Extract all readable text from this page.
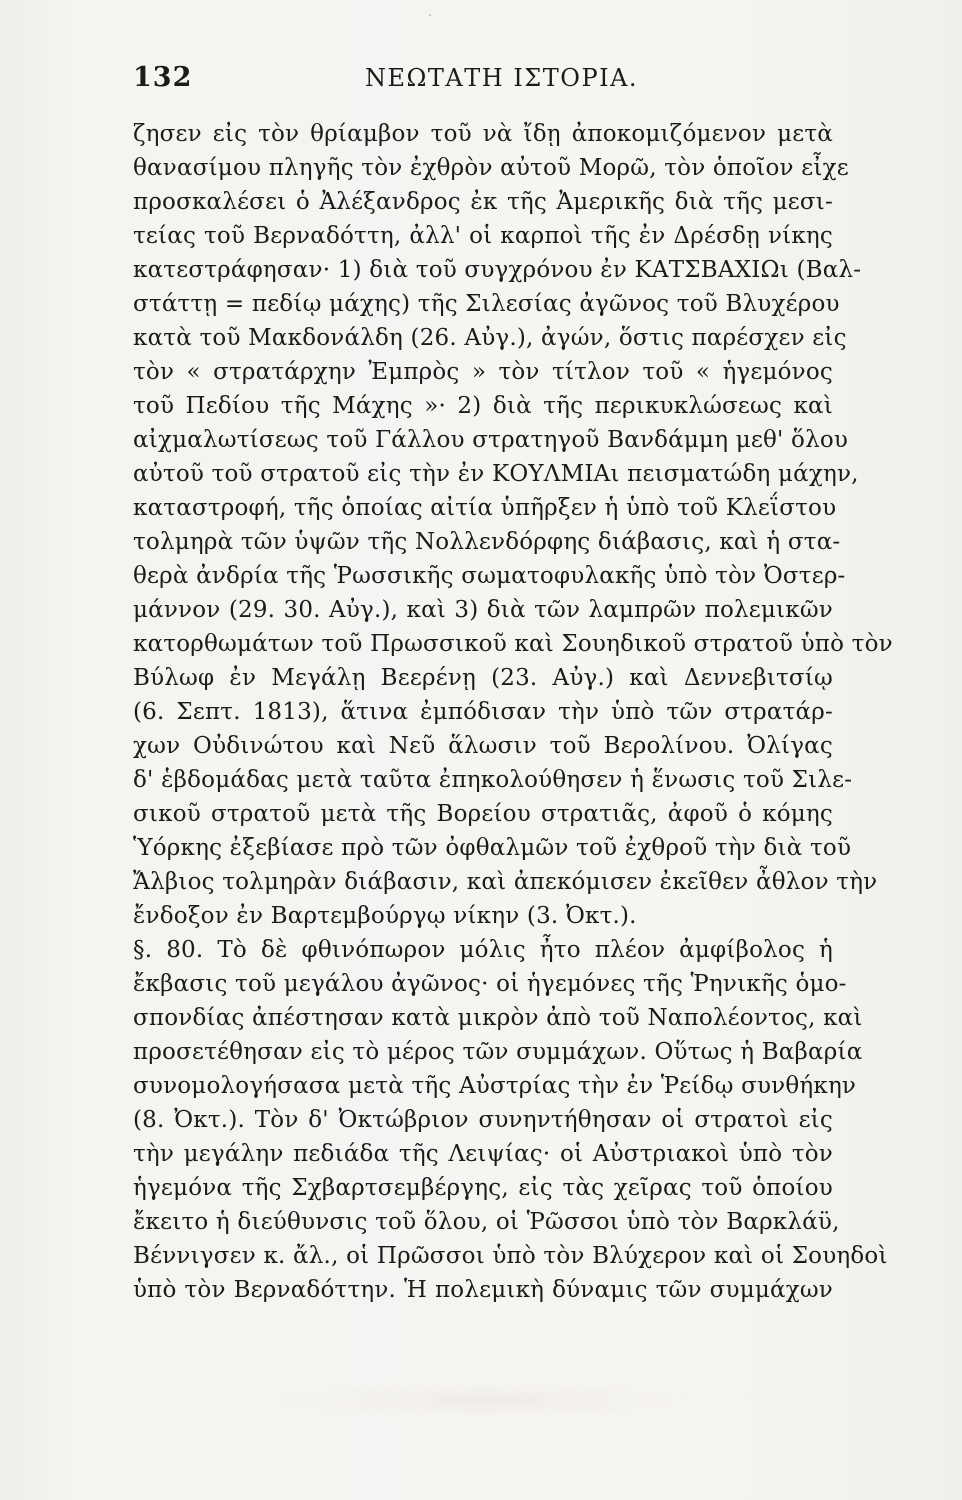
·
132	ΝΕΩΤΑΤΗ ΙΣΤΟΡΙΑ.
ζησεν εἰς τὸν θρίαμβον τοῦ νὰ ἴδῃ ἀποκομιζόμενον μετὰ
θανασίμου πληγῆς τὸν ἐχθρὸν αὐτοῦ Μορῶ, τὸν ὁποῖον εἶχε
προσκαλέσει ὁ Ἀλέξανδρος ἐκ τῆς Ἀμερικῆς διὰ τῆς μεσι-
τείας τοῦ Βερναδόττη, ἀλλ' οἱ καρποὶ τῆς ἐν Δρέσδῃ νίκης
κατεστράφησαν· 1) διὰ τοῦ συγχρόνου ἐν ΚΑΤΣΒΑΧΙΩι (Βαλ-
στάττῃ = πεδίῳ μάχης) τῆς Σιλεσίας ἀγῶνος τοῦ Βλυχέρου
κατὰ τοῦ Μακδονάλδη (26. Αὐγ.), ἀγών, ὅστις παρέσχεν εἰς
τὸν « στρατάρχην Ἐμπρὸς » τὸν τίτλον τοῦ « ἡγεμόνος
τοῦ Πεδίου τῆς Μάχης »· 2) διὰ τῆς περικυκλώσεως καὶ
αἰχμαλωτίσεως τοῦ Γάλλου στρατηγοῦ Βανδάμμη μεθ' ὅλου
αὐτοῦ τοῦ στρατοῦ εἰς τὴν ἐν ΚΟΥΛΜΙΑι πεισματώδη μάχην,
καταστροφή, τῆς ὁποίας αἰτία ὑπῆρξεν ἡ ὑπὸ τοῦ Κλεΐστου
τολμηρὰ τῶν ὑψῶν τῆς Νολλενδόρφης διάβασις, καὶ ἡ στα-
θερὰ ἀνδρία τῆς Ῥωσσικῆς σωματοφυλακῆς ὑπὸ τὸν Ὀστερ-
μάννον (29. 30. Αὐγ.), καὶ 3) διὰ τῶν λαμπρῶν πολεμικῶν
κατορθωμάτων τοῦ Πρωσσικοῦ καὶ Σουηδικοῦ στρατοῦ ὑπὸ τὸν
Βύλωφ ἐν Μεγάλῃ Βεερένῃ (23. Αὐγ.) καὶ Δεννεβιτσίῳ
(6. Σεπτ. 1813), ἅτινα ἐμπόδισαν τὴν ὑπὸ τῶν στρατάρ-
χων Οὐδινώτου καὶ Νεῦ ἅλωσιν τοῦ Βερολίνου. Ὀλίγας
δ' ἑβδομάδας μετὰ ταῦτα ἐπηκολούθησεν ἡ ἕνωσις τοῦ Σιλε-
σικοῦ στρατοῦ μετὰ τῆς Βορείου στρατιᾶς, ἀφοῦ ὁ κόμης
Ὑόρκης ἐξεβίασε πρὸ τῶν ὀφθαλμῶν τοῦ ἐχθροῦ τὴν διὰ τοῦ
Ἄλβιος τολμηρὰν διάβασιν, καὶ ἀπεκόμισεν ἐκεῖθεν ἆθλον τὴν
ἔνδοξον ἐν Βαρτεμβούργῳ νίκην (3. Ὀκτ.).
§. 80. Τὸ δὲ φθινόπωρον μόλις ἦτο πλέον ἀμφίβολος ἡ
ἔκβασις τοῦ μεγάλου ἀγῶνος· οἱ ἡγεμόνες τῆς Ῥηνικῆς ὁμο-
σπονδίας ἀπέστησαν κατὰ μικρὸν ἀπὸ τοῦ Ναπολέοντος, καὶ
προσετέθησαν εἰς τὸ μέρος τῶν συμμάχων. Οὕτως ἡ Βαβαρία
συνομολογήσασα μετὰ τῆς Αὐστρίας τὴν ἐν Ῥείδῳ συνθήκην
(8. Ὀκτ.). Τὸν δ' Ὀκτώβριον συνηντήθησαν οἱ στρατοὶ εἰς
τὴν μεγάλην πεδιάδα τῆς Λειψίας· οἱ Αὐστριακοὶ ὑπὸ τὸν
ἡγεμόνα τῆς Σχβαρτσεμβέργης, εἰς τὰς χεῖρας τοῦ ὁποίου
ἔκειτο ἡ διεύθυνσις τοῦ ὅλου, οἱ Ῥῶσσοι ὑπὸ τὸν Βαρκλάϋ,
Βέννιγσεν κ. ἄλ., οἱ Πρῶσσοι ὑπὸ τὸν Βλύχερον καὶ οἱ Σουηδοὶ
ὑπὸ τὸν Βερναδόττην. Ἡ πολεμικὴ δύναμις τῶν συμμάχων
